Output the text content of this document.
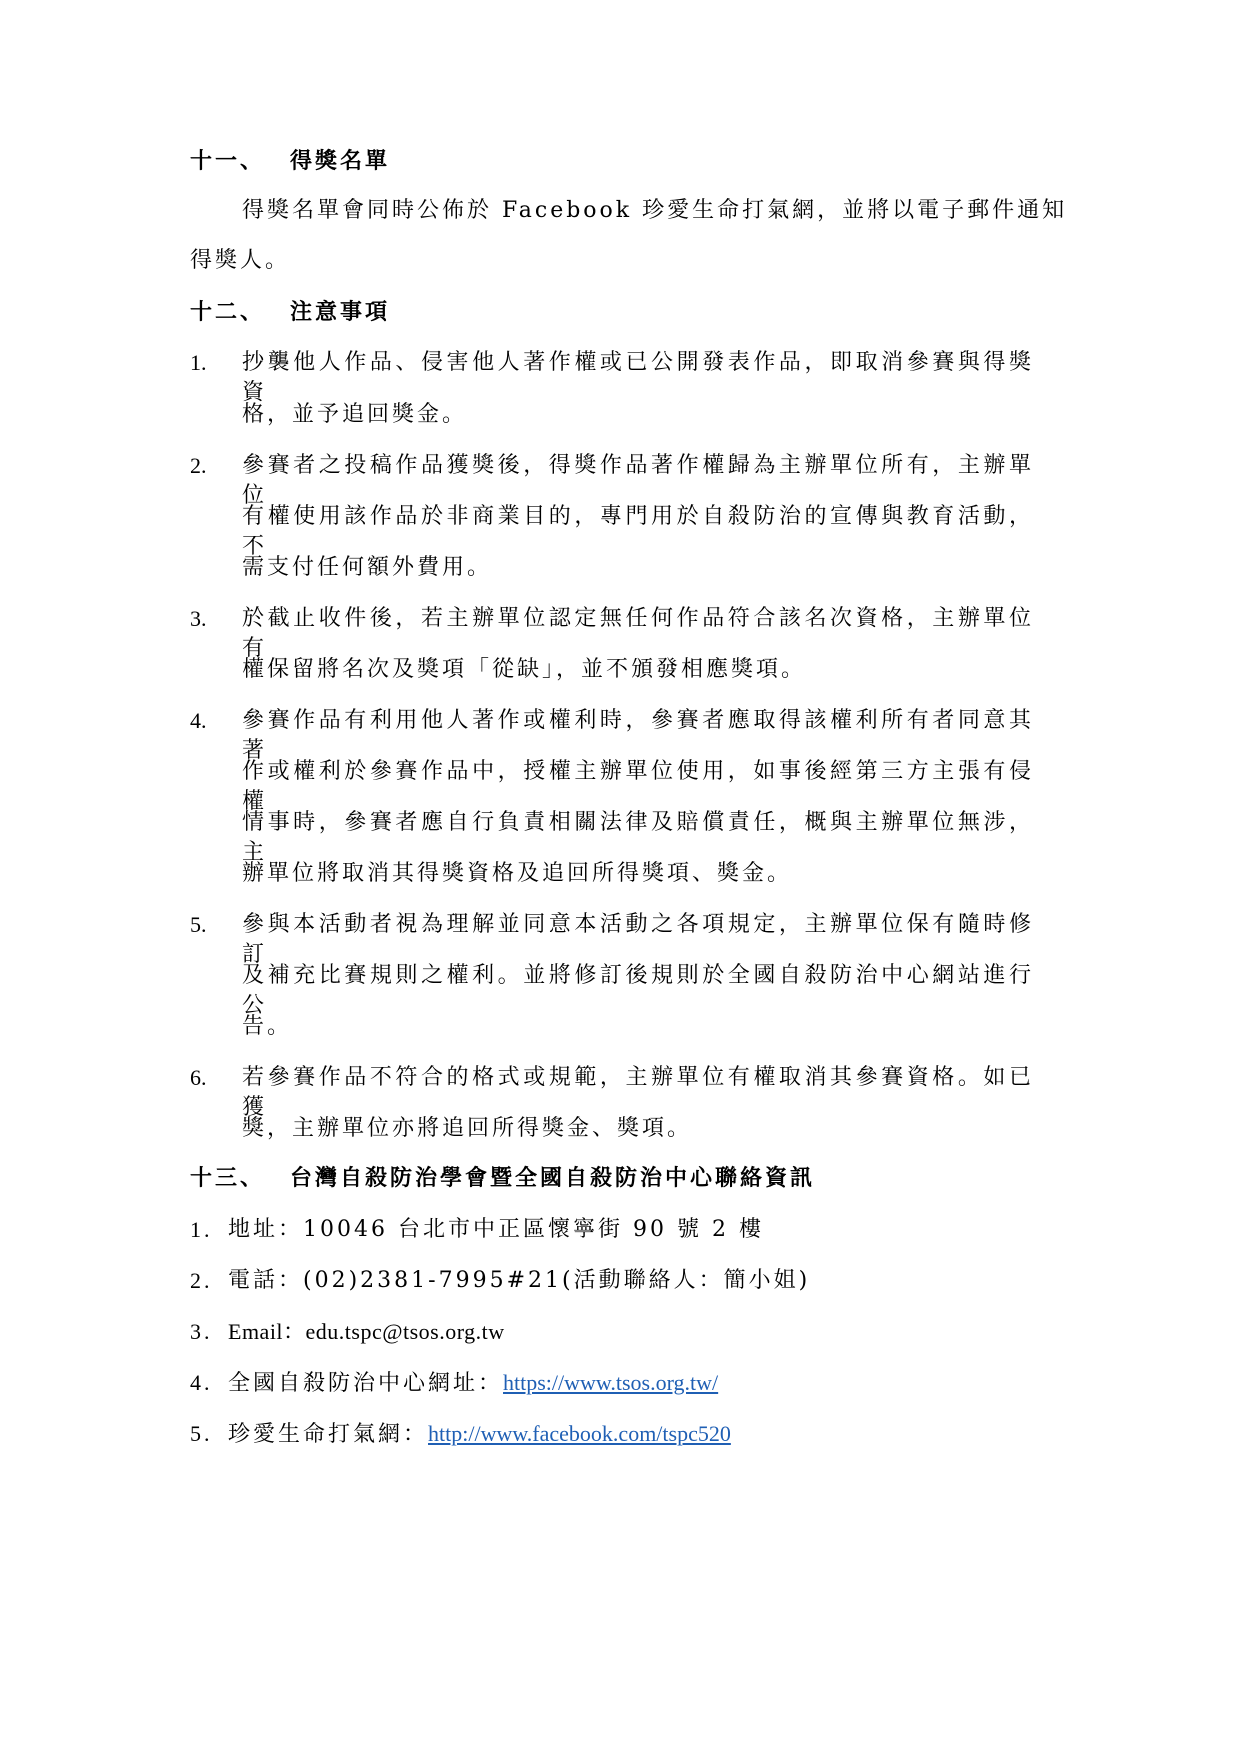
十一、 得獎名單
得獎名單會同時公佈於 Facebook 珍愛生命打氣網，並將以電子郵件通知
得獎人。
十二、 注意事項
1. 抄襲他人作品、侵害他人著作權或已公開發表作品，即取消參賽與得獎資
格，並予追回獎金。
2. 參賽者之投稿作品獲獎後，得獎作品著作權歸為主辦單位所有，主辦單位
有權使用該作品於非商業目的，專門用於自殺防治的宣傳與教育活動，不
需支付任何額外費用。
3. 於截止收件後，若主辦單位認定無任何作品符合該名次資格，主辦單位有
權保留將名次及獎項「從缺」，並不頒發相應獎項。
4. 參賽作品有利用他人著作或權利時，參賽者應取得該權利所有者同意其著
作或權利於參賽作品中，授權主辦單位使用，如事後經第三方主張有侵權
情事時，參賽者應自行負責相關法律及賠償責任，概與主辦單位無涉，主
辦單位將取消其得獎資格及追回所得獎項、獎金。
5. 參與本活動者視為理解並同意本活動之各項規定，主辦單位保有隨時修訂
及補充比賽規則之權利。並將修訂後規則於全國自殺防治中心網站進行公
告。
6. 若參賽作品不符合的格式或規範，主辦單位有權取消其參賽資格。如已獲
獎，主辦單位亦將追回所得獎金、獎項。
十三、 台灣自殺防治學會暨全國自殺防治中心聯絡資訊
1. 地址：10046 台北市中正區懷寧街 90 號 2 樓
2. 電話：(02)2381-7995#21(活動聯絡人：簡小姐)
3. Email：edu.tspc@tsos.org.tw
4. 全國自殺防治中心網址：https://www.tsos.org.tw/
5. 珍愛生命打氣網：http://www.facebook.com/tspc520
